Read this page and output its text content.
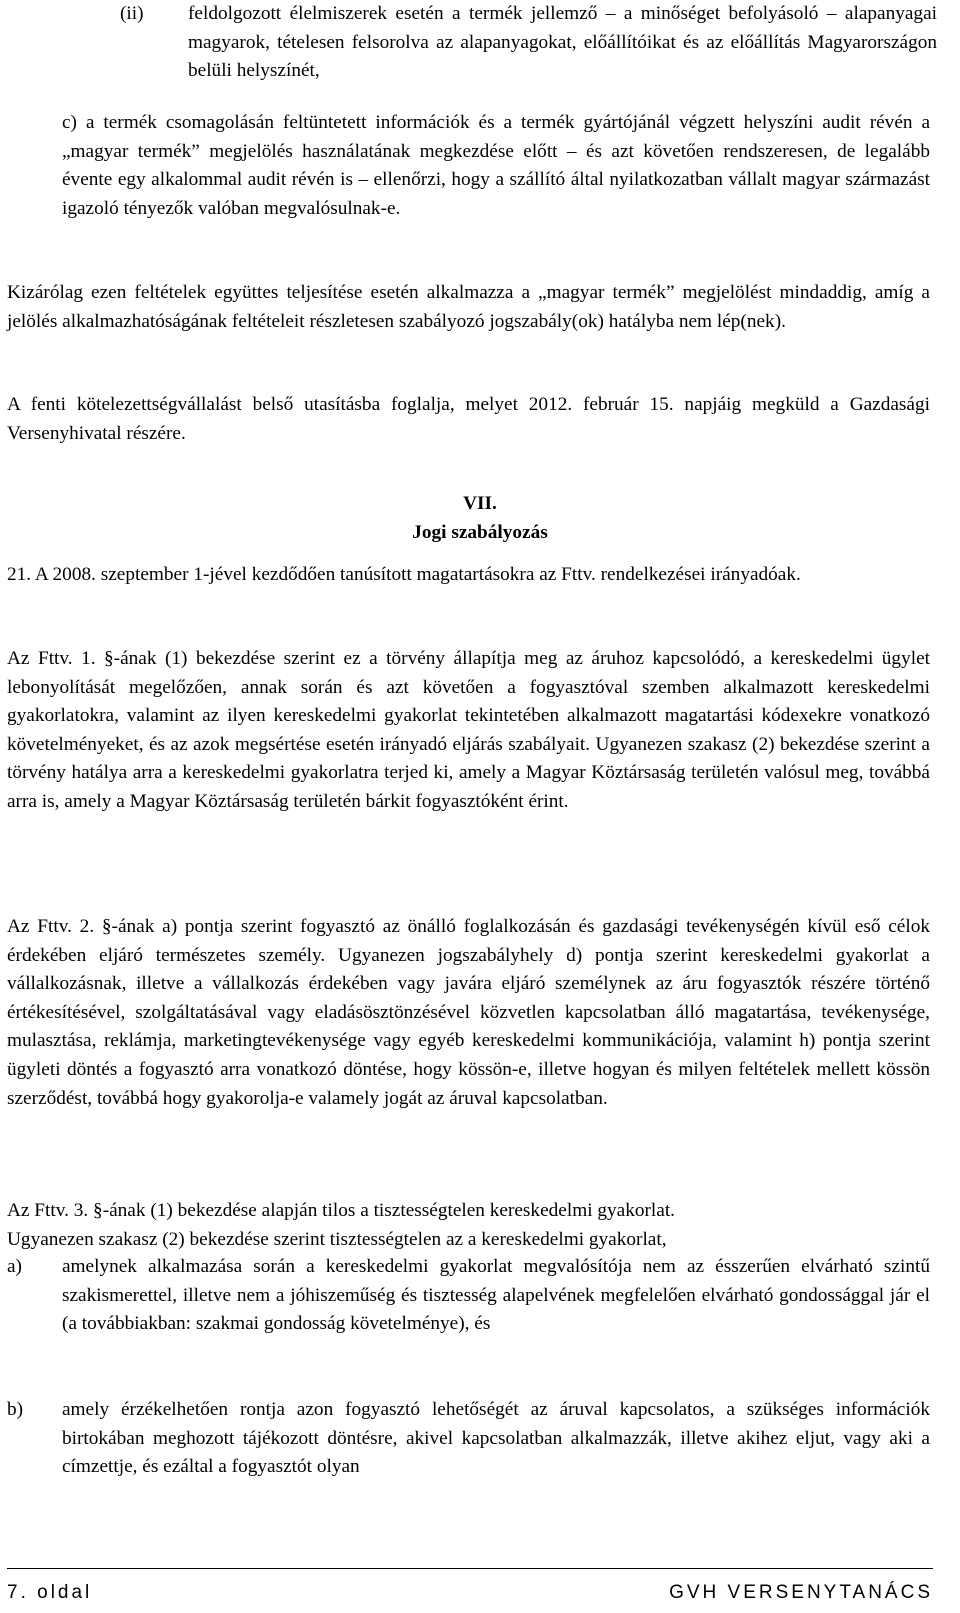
(ii)	feldolgozott élelmiszerek esetén a termék jellemző – a minőséget befolyásoló – alapanyagai magyarok, tételesen felsorolva az alapanyagokat, előállítóikat és az előállítás Magyarországon belüli helyszínét,

c) a termék csomagolásán feltüntetett információk és a termék gyártójánál végzett helyszíni audit révén a „magyar termék” megjelölés használatának megkezdése előtt – és azt követően rendszeresen, de legalább évente egy alkalommal audit révén is – ellenőrzi, hogy a szállító által nyilatkozatban vállalt magyar származást igazoló tényezők valóban megvalósulnak-e.

Kizárólag ezen feltételek együttes teljesítése esetén alkalmazza a „magyar termék” megjelölést mindaddig, amíg a jelölés alkalmazhatóságának feltételeit részletesen szabályozó jogszabály(ok) hatályba nem lép(nek).

A fenti kötelezettségvállalást belső utasításba foglalja, melyet 2012. február 15. napjáig megküld a Gazdasági Versenyhivatal részére.

VII.
Jogi szabályozás

21. A 2008. szeptember 1-jével kezdődően tanúsított magatartásokra az Fttv. rendelkezései irányadóak.

Az Fttv. 1. §-ának (1) bekezdése szerint ez a törvény állapítja meg az áruhoz kapcsolódó, a kereskedelmi ügylet lebonyolítását megelőzően, annak során és azt követően a fogyasztóval szemben alkalmazott kereskedelmi gyakorlatokra, valamint az ilyen kereskedelmi gyakorlat tekintetében alkalmazott magatartási kódexekre vonatkozó követelményeket, és az azok megsértése esetén irányadó eljárás szabályait. Ugyanezen szakasz (2) bekezdése szerint a törvény hatálya arra a kereskedelmi gyakorlatra terjed ki, amely a Magyar Köztársaság területén valósul meg, továbbá arra is, amely a Magyar Köztársaság területén bárkit fogyasztóként érint.

Az Fttv. 2. §-ának a) pontja szerint fogyasztó az önálló foglalkozásán és gazdasági tevékenységén kívül eső célok érdekében eljáró természetes személy. Ugyanezen jogszabályhely d) pontja szerint kereskedelmi gyakorlat a vállalkozásnak, illetve a vállalkozás érdekében vagy javára eljáró személynek az áru fogyasztók részére történő értékesítésével, szolgáltatásával vagy eladásösztönzésével közvetlen kapcsolatban álló magatartása, tevékenysége, mulasztása, reklámja, marketingtevékenysége vagy egyéb kereskedelmi kommunikációja, valamint h) pontja szerint ügyleti döntés a fogyasztó arra vonatkozó döntése, hogy kössön-e, illetve hogyan és milyen feltételek mellett kössön szerződést, továbbá hogy gyakorolja-e valamely jogát az áruval kapcsolatban.

Az Fttv. 3. §-ának (1) bekezdése alapján tilos a tisztességtelen kereskedelmi gyakorlat.
Ugyanezen szakasz (2) bekezdése szerint tisztességtelen az a kereskedelmi gyakorlat,
a)	amelynek alkalmazása során a kereskedelmi gyakorlat megvalósítója nem az ésszerűen elvárható szintű szakismerettel, illetve nem a jóhiszeműség és tisztesség alapelvének megfelelően elvárható gondossággal jár el (a továbbiakban: szakmai gondosság követelménye), és

b)	amely érzékelhetően rontja azon fogyasztó lehetőségét az áruval kapcsolatos, a szükséges információk birtokában meghozott tájékozott döntésre, akivel kapcsolatban alkalmazzák, illetve akihez eljut, vagy aki a címzettje, és ezáltal a fogyasztót olyan

7. oldal	GVH VERSENYTANÁCS
